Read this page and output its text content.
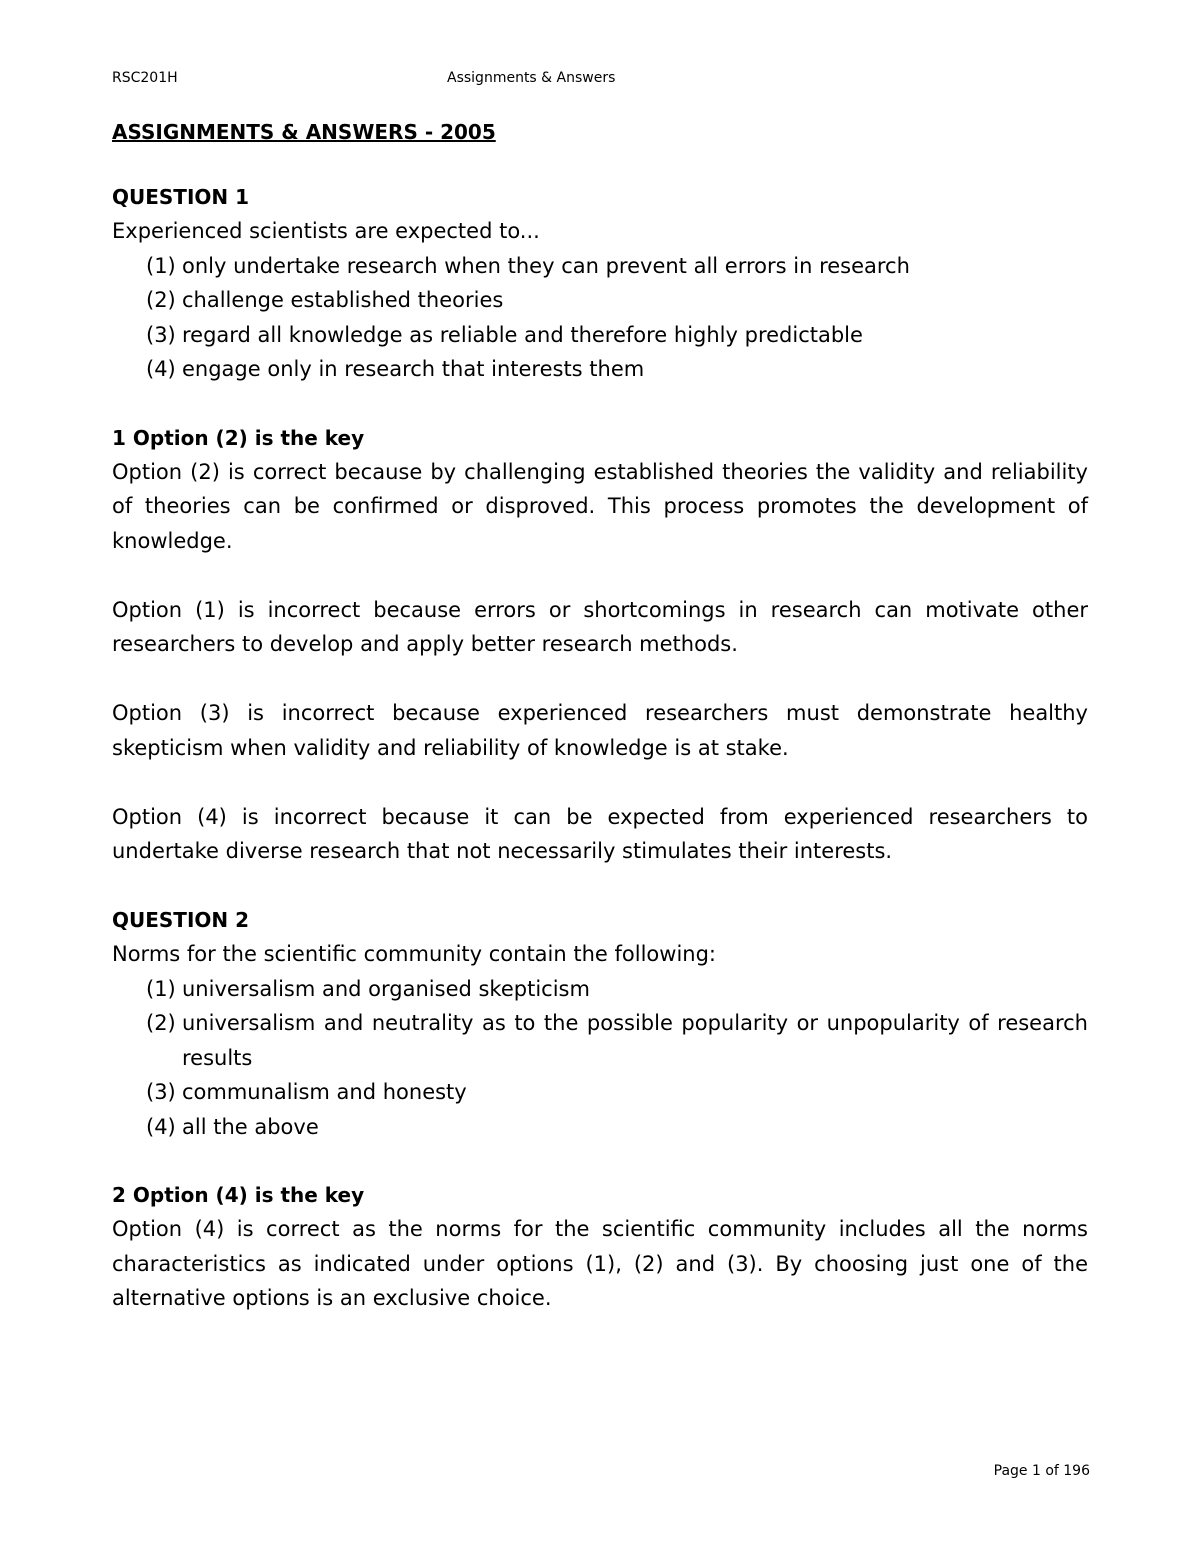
RSC201H	Assignments & Answers

ASSIGNMENTS & ANSWERS - 2005

QUESTION 1

Experienced scientists are expected to...

(1) only undertake research when they can prevent all errors in research
(2) challenge established theories
(3) regard all knowledge as reliable and therefore highly predictable
(4) engage only in research that interests them

1 Option (2) is the key

Option (2) is correct because by challenging established theories the validity and reliability of theories can be confirmed or disproved. This process promotes the development of knowledge.

Option (1) is incorrect because errors or shortcomings in research can motivate other researchers to develop and apply better research methods.

Option (3) is incorrect because experienced researchers must demonstrate healthy skepticism when validity and reliability of knowledge is at stake.

Option (4) is incorrect because it can be expected from experienced researchers to undertake diverse research that not necessarily stimulates their interests.

QUESTION 2

Norms for the scientific community contain the following:

(1) universalism and organised skepticism
(2) universalism and neutrality as to the possible popularity or unpopularity of research results
(3) communalism and honesty
(4) all the above

2 Option (4) is the key

Option (4) is correct as the norms for the scientific community includes all the norms characteristics as indicated under options (1), (2) and (3). By choosing just one of the alternative options is an exclusive choice.

Page 1 of 196
